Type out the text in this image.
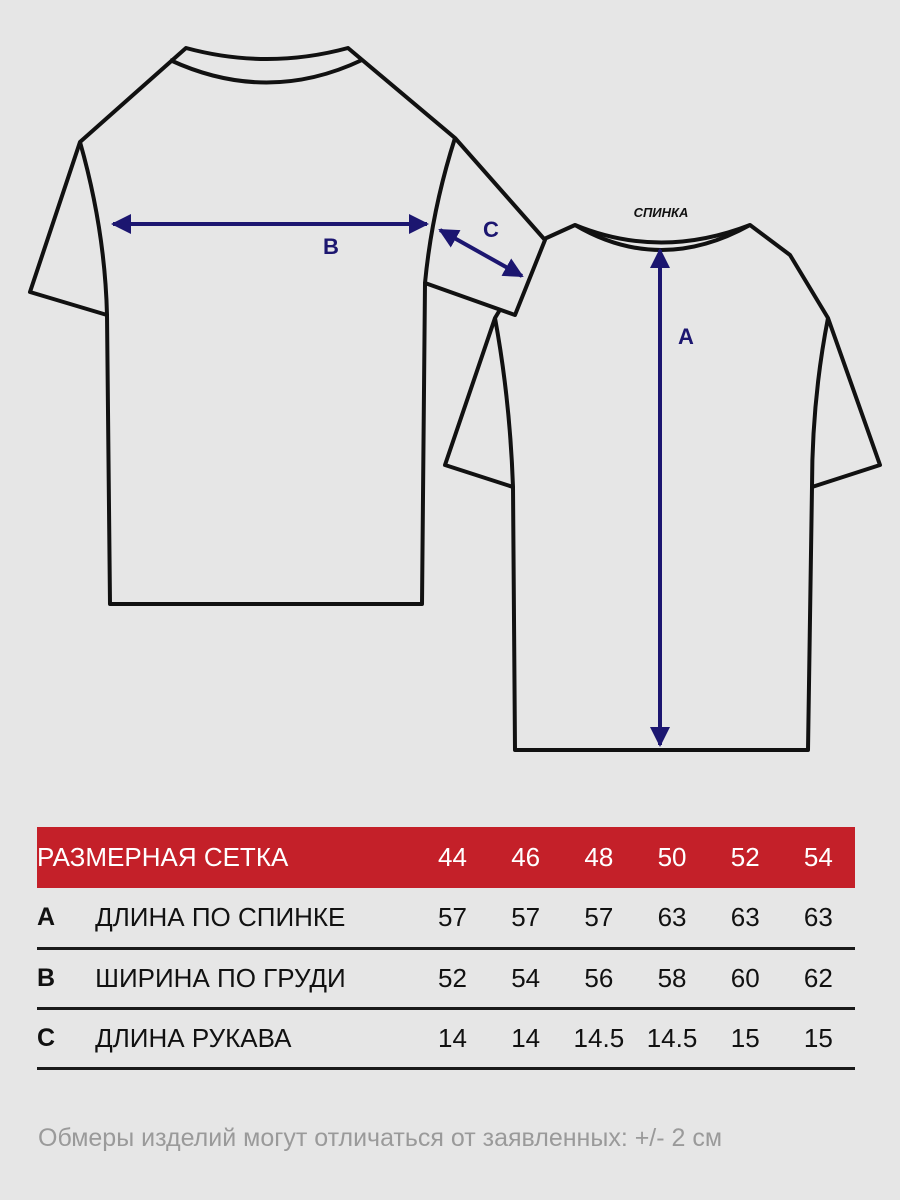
СПИНКА
A
B
C
РАЗМЕРНАЯ СЕТКА		44	46	48	50	52	54
A	ДЛИНА ПО СПИНКЕ	57	57	57	63	63	63
B	ШИРИНА ПО ГРУДИ	52	54	56	58	60	62
C	ДЛИНА РУКАВА	14	14	14.5	14.5	15	15
Обмеры изделий могут отличаться от заявленных: +/- 2 см
